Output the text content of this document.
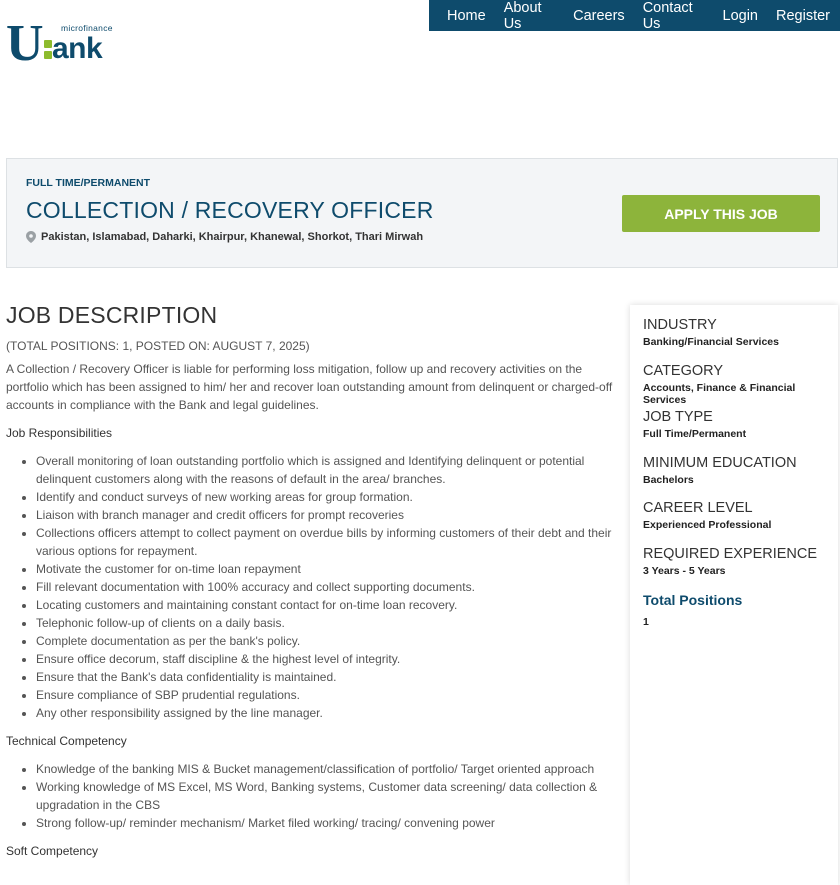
Home About Us	Careers Contact Us	Login Register
microfinance
U ank
FULL TIME/PERMANENT
COLLECTION / RECOVERY OFFICER
Pakistan, Islamabad, Daharki, Khairpur, Khanewal, Shorkot, Thari Mirwah
APPLY THIS JOB
JOB DESCRIPTION
(TOTAL POSITIONS: 1, POSTED ON: AUGUST 7, 2025)
A Collection / Recovery Officer is liable for performing loss mitigation, follow up and recovery activities on the portfolio which has been assigned to him/ her and recover loan outstanding amount from delinquent or charged-off accounts in compliance with the Bank and legal guidelines.
Job Responsibilities
• Overall monitoring of loan outstanding portfolio which is assigned and Identifying delinquent or potential delinquent customers along with the reasons of default in the area/ branches.
• Identify and conduct surveys of new working areas for group formation.
• Liaison with branch manager and credit officers for prompt recoveries
• Collections officers attempt to collect payment on overdue bills by informing customers of their debt and their various options for repayment.
• Motivate the customer for on-time loan repayment
• Fill relevant documentation with 100% accuracy and collect supporting documents.
• Locating customers and maintaining constant contact for on-time loan recovery.
• Telephonic follow-up of clients on a daily basis.
• Complete documentation as per the bank's policy.
• Ensure office decorum, staff discipline & the highest level of integrity.
• Ensure that the Bank's data confidentiality is maintained.
• Ensure compliance of SBP prudential regulations.
• Any other responsibility assigned by the line manager.
Technical Competency
• Knowledge of the banking MIS & Bucket management/classification of portfolio/ Target oriented approach
• Working knowledge of MS Excel, MS Word, Banking systems, Customer data screening/ data collection & upgradation in the CBS
• Strong follow-up/ reminder mechanism/ Market filed working/ tracing/ convening power
Soft Competency
INDUSTRY
Banking/Financial Services
CATEGORY
Accounts, Finance & Financial Services
JOB TYPE
Full Time/Permanent
MINIMUM EDUCATION
Bachelors
CAREER LEVEL
Experienced Professional
REQUIRED EXPERIENCE
3 Years - 5 Years
Total Positions
1
